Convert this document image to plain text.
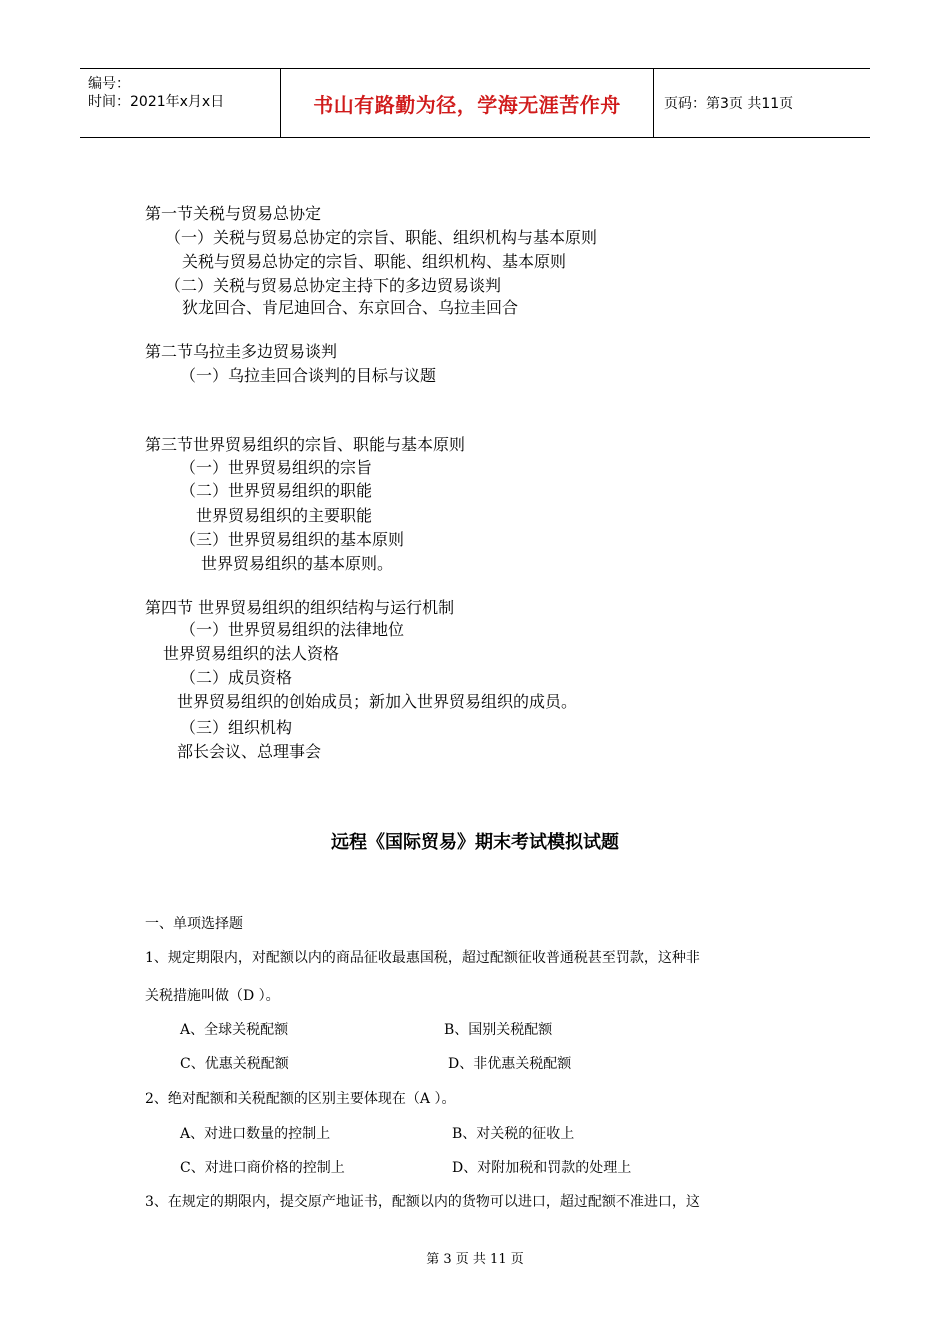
编号：
时间：2021年x月x日	书山有路勤为径，学海无涯苦作舟	页码：第3页 共11页
第一节关税与贸易总协定
（一）关税与贸易总协定的宗旨、职能、组织机构与基本原则
关税与贸易总协定的宗旨、职能、组织机构、基本原则
（二）关税与贸易总协定主持下的多边贸易谈判
狄龙回合、肯尼迪回合、东京回合、乌拉圭回合
第二节乌拉圭多边贸易谈判
（一）乌拉圭回合谈判的目标与议题
第三节世界贸易组织的宗旨、职能与基本原则
（一）世界贸易组织的宗旨
（二）世界贸易组织的职能
世界贸易组织的主要职能
（三）世界贸易组织的基本原则
世界贸易组织的基本原则。
第四节 世界贸易组织的组织结构与运行机制
（一）世界贸易组织的法律地位
世界贸易组织的法人资格
（二）成员资格
世界贸易组织的创始成员；新加入世界贸易组织的成员。
（三）组织机构
部长会议、总理事会
远程《国际贸易》期末考试模拟试题
一、单项选择题
1、规定期限内，对配额以内的商品征收最惠国税，超过配额征收普通税甚至罚款，这种非
关税措施叫做（D ）。
A、全球关税配额	B、国别关税配额
C、优惠关税配额	D、非优惠关税配额
2、绝对配额和关税配额的区别主要体现在（A ）。
A、对进口数量的控制上	B、对关税的征收上
C、对进口商价格的控制上	D、对附加税和罚款的处理上
3、在规定的期限内，提交原产地证书，配额以内的货物可以进口，超过配额不准进口，这
第 3 页 共 11 页
